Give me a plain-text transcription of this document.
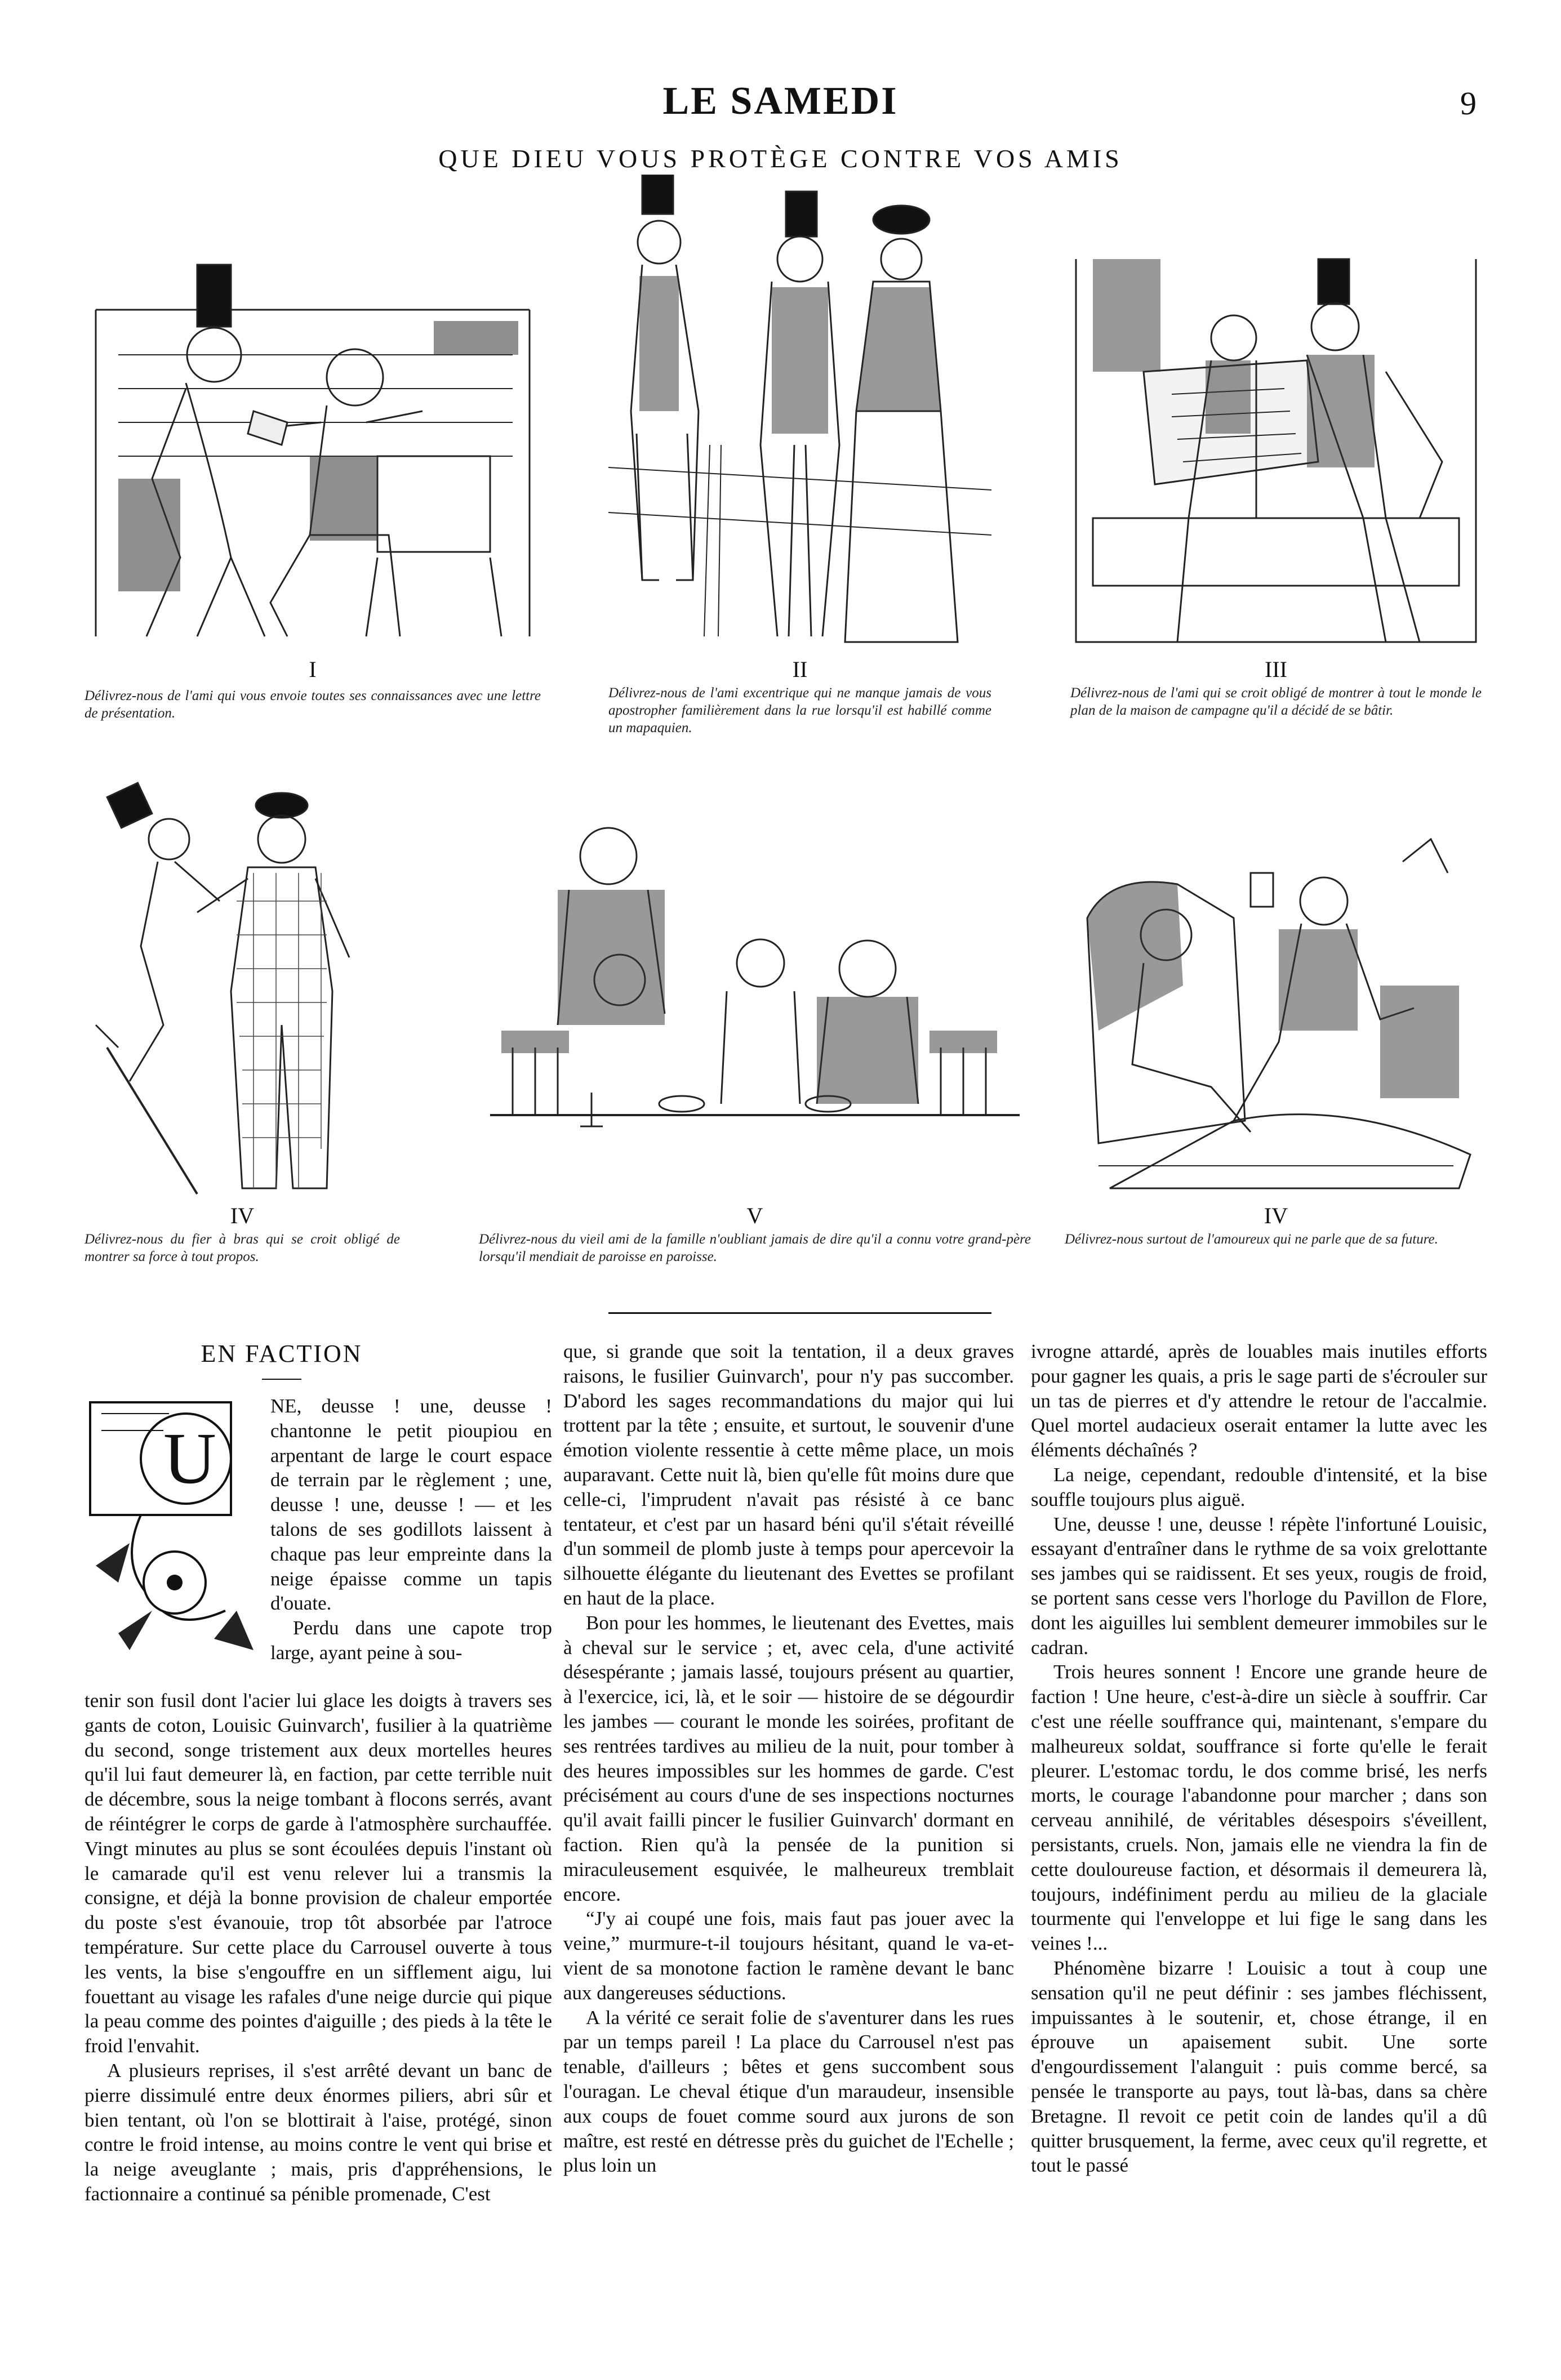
LE SAMEDI	9
QUE DIEU VOUS PROTÈGE CONTRE VOS AMIS
I
Délivrez-nous de l'ami qui vous envoie toutes ses connaissances avec une lettre de présentation.
II
Délivrez-nous de l'ami excentrique qui ne manque jamais de vous apostropher familièrement dans la rue lorsqu'il est habillé comme un mapaquien.
III
Délivrez-nous de l'ami qui se croit obligé de montrer à tout le monde le plan de la maison de campagne qu'il a décidé de se bâtir.
IV
Délivrez-nous du fier à bras qui se croit obligé de montrer sa force à tout propos.
V
Délivrez-nous du vieil ami de la famille n'oubliant jamais de dire qu'il a connu votre grand-père lorsqu'il mendiait de paroisse en paroisse.
IV
Délivrez-nous surtout de l'amoureux qui ne parle que de sa future.
EN FACTION
U

NE, deusse ! une, deusse ! chantonne le petit pioupiou en arpentant de large le court espace de terrain par le règlement ; une, deusse ! une, deusse ! — et les talons de ses godillots laissent à chaque pas leur empreinte dans la neige épaisse comme un tapis d'ouate.

Perdu dans une capote trop large, ayant peine à sou-

tenir son fusil dont l'acier lui glace les doigts à travers ses gants de coton, Louisic Guinvarch', fusilier à la quatrième du second, songe tristement aux deux mortelles heures qu'il lui faut demeurer là, en faction, par cette terrible nuit de décembre, sous la neige tombant à flocons serrés, avant de réintégrer le corps de garde à l'atmosphère surchauffée. Vingt minutes au plus se sont écoulées depuis l'instant où le camarade qu'il est venu relever lui a transmis la consigne, et déjà la bonne provision de chaleur emportée du poste s'est évanouie, trop tôt absorbée par l'atroce température. Sur cette place du Carrousel ouverte à tous les vents, la bise s'engouffre en un sifflement aigu, lui fouettant au visage les rafales d'une neige durcie qui pique la peau comme des pointes d'aiguille ; des pieds à la tête le froid l'envahit.

A plusieurs reprises, il s'est arrêté devant un banc de pierre dissimulé entre deux énormes piliers, abri sûr et bien tentant, où l'on se blottirait à l'aise, protégé, sinon contre le froid intense, au moins contre le vent qui brise et la neige aveuglante ; mais, pris d'appréhensions, le factionnaire a continué sa pénible promenade, C'est

que, si grande que soit la tentation, il a deux graves raisons, le fusilier Guinvarch', pour n'y pas succomber. D'abord les sages recommandations du major qui lui trottent par la tête ; ensuite, et surtout, le souvenir d'une émotion violente ressentie à cette même place, un mois auparavant. Cette nuit là, bien qu'elle fût moins dure que celle-ci, l'imprudent n'avait pas résisté à ce banc tentateur, et c'est par un hasard béni qu'il s'était réveillé d'un sommeil de plomb juste à temps pour apercevoir la silhouette élégante du lieutenant des Evettes se profilant en haut de la place.

Bon pour les hommes, le lieutenant des Evettes, mais à cheval sur le service ; et, avec cela, d'une activité désespérante ; jamais lassé, toujours présent au quartier, à l'exercice, ici, là, et le soir — histoire de se dégourdir les jambes — courant le monde les soirées, profitant de ses rentrées tardives au milieu de la nuit, pour tomber à des heures impossibles sur les hommes de garde. C'est précisément au cours d'une de ses inspections nocturnes qu'il avait failli pincer le fusilier Guinvarch' dormant en faction. Rien qu'à la pensée de la punition si miraculeusement esquivée, le malheureux tremblait encore.

“J'y ai coupé une fois, mais faut pas jouer avec la veine,” murmure-t-il toujours hésitant, quand le va-et-vient de sa monotone faction le ramène devant le banc aux dangereuses séductions.

A la vérité ce serait folie de s'aventurer dans les rues par un temps pareil ! La place du Carrousel n'est pas tenable, d'ailleurs ; bêtes et gens succombent sous l'ouragan. Le cheval étique d'un maraudeur, insensible aux coups de fouet comme sourd aux jurons de son maître, est resté en détresse près du guichet de l'Echelle ; plus loin un

ivrogne attardé, après de louables mais inutiles efforts pour gagner les quais, a pris le sage parti de s'écrouler sur un tas de pierres et d'y attendre le retour de l'accalmie. Quel mortel audacieux oserait entamer la lutte avec les éléments déchaînés ?

La neige, cependant, redouble d'intensité, et la bise souffle toujours plus aiguë.

Une, deusse ! une, deusse ! répète l'infortuné Louisic, essayant d'entraîner dans le rythme de sa voix grelottante ses jambes qui se raidissent. Et ses yeux, rougis de froid, se portent sans cesse vers l'horloge du Pavillon de Flore, dont les aiguilles lui semblent demeurer immobiles sur le cadran.

Trois heures sonnent ! Encore une grande heure de faction ! Une heure, c'est-à-dire un siècle à souffrir. Car c'est une réelle souffrance qui, maintenant, s'empare du malheureux soldat, souffrance si forte qu'elle le ferait pleurer. L'estomac tordu, le dos comme brisé, les nerfs morts, le courage l'abandonne pour marcher ; dans son cerveau annihilé, de véritables désespoirs s'éveillent, persistants, cruels. Non, jamais elle ne viendra la fin de cette douloureuse faction, et désormais il demeurera là, toujours, indéfiniment perdu au milieu de la glaciale tourmente qui l'enveloppe et lui fige le sang dans les veines !...

Phénomène bizarre ! Louisic a tout à coup une sensation qu'il ne peut définir : ses jambes fléchissent, impuissantes à le soutenir, et, chose étrange, il en éprouve un apaisement subit. Une sorte d'engourdissement l'alanguit : puis comme bercé, sa pensée le transporte au pays, tout là-bas, dans sa chère Bretagne. Il revoit ce petit coin de landes qu'il a dû quitter brusquement, la ferme, avec ceux qu'il regrette, et tout le passé
